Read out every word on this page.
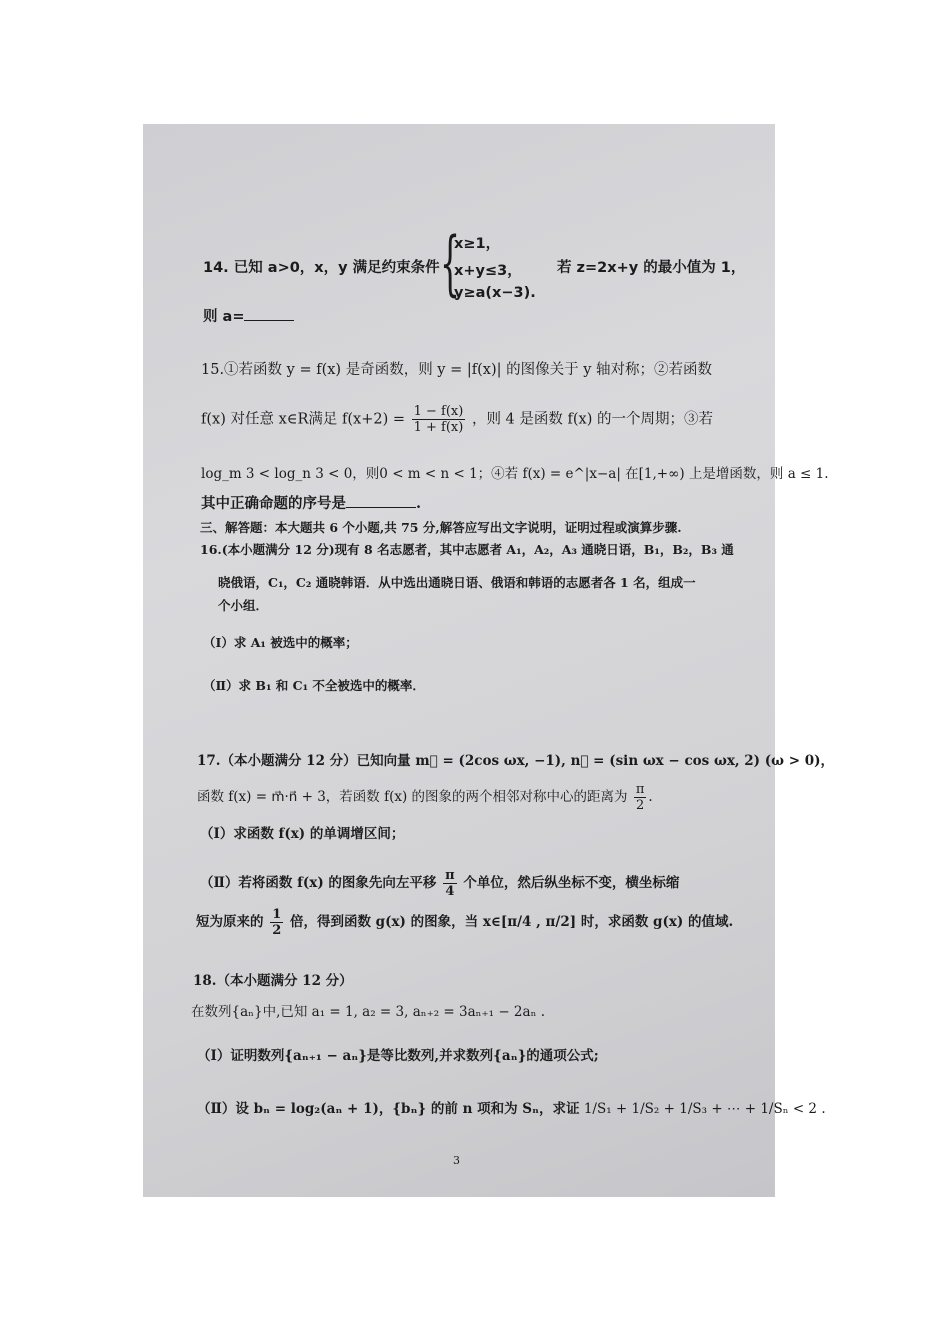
14. 已知 a>0，x，y 满足约束条件 {
x≥1，
x+y≤3，
y≥a(x−3).
若 z=2x+y 的最小值为 1，
则 a=
15.①若函数 y = f(x) 是奇函数，则 y = |f(x)| 的图像关于 y 轴对称；②若函数
f(x) 对任意 x∈R满足 $f(x+2) = \frac{1 - f(x)}{1 + f(x)}$ ，则 4 是函数 f(x) 的一个周期；③若
log_m 3 < log_n 3 < 0，则0 < m < n < 1；④若 f(x) = e^|x−a| 在[1,+∞) 上是增函数，则 a ≤ 1.
其中正确命题的序号是	.
三、解答题：本大题共 6 个小题,共 75 分,解答应写出文字说明，证明过程或演算步骤.
16.(本小题满分 12 分)现有 8 名志愿者，其中志愿者 A₁，A₂，A₃ 通晓日语，B₁，B₂，B₃ 通
晓俄语，C₁，C₂ 通晓韩语．从中选出通晓日语、俄语和韩语的志愿者各 1 名，组成一
个小组．
（Ⅰ）求 A₁ 被选中的概率；
（Ⅱ）求 B₁ 和 C₁ 不全被选中的概率．
17.（本小题满分 12 分）已知向量 m⃗ = (2cos ωx, −1), n⃗ = (sin ωx − cos ωx, 2) (ω > 0)，
函数 f(x) = m⃗·n⃗ + 3，若函数 f(x) 的图象的两个相邻对称中心的距离为 $\frac{\pi}{2}$ .
（Ⅰ）求函数 f(x) 的单调增区间；
（Ⅱ）若将函数 f(x) 的图象先向左平移 $\frac{\pi}{4}$ 个单位，然后纵坐标不变，横坐标缩
短为原来的 $\frac{1}{2}$ 倍，得到函数 g(x) 的图象，当 x∈[π/4 , π/2] 时，求函数 g(x) 的值域.
18.（本小题满分 12 分）
在数列{aₙ}中,已知 a₁ = 1, a₂ = 3, aₙ₊₂ = 3aₙ₊₁ − 2aₙ .
（Ⅰ）证明数列{aₙ₊₁ − aₙ}是等比数列,并求数列{aₙ}的通项公式;
（Ⅱ）设 bₙ = log₂(aₙ + 1)，{bₙ} 的前 n 项和为 Sₙ，求证 1/S₁ + 1/S₂ + 1/S₃ + ⋯ + 1/Sₙ < 2 .
3
